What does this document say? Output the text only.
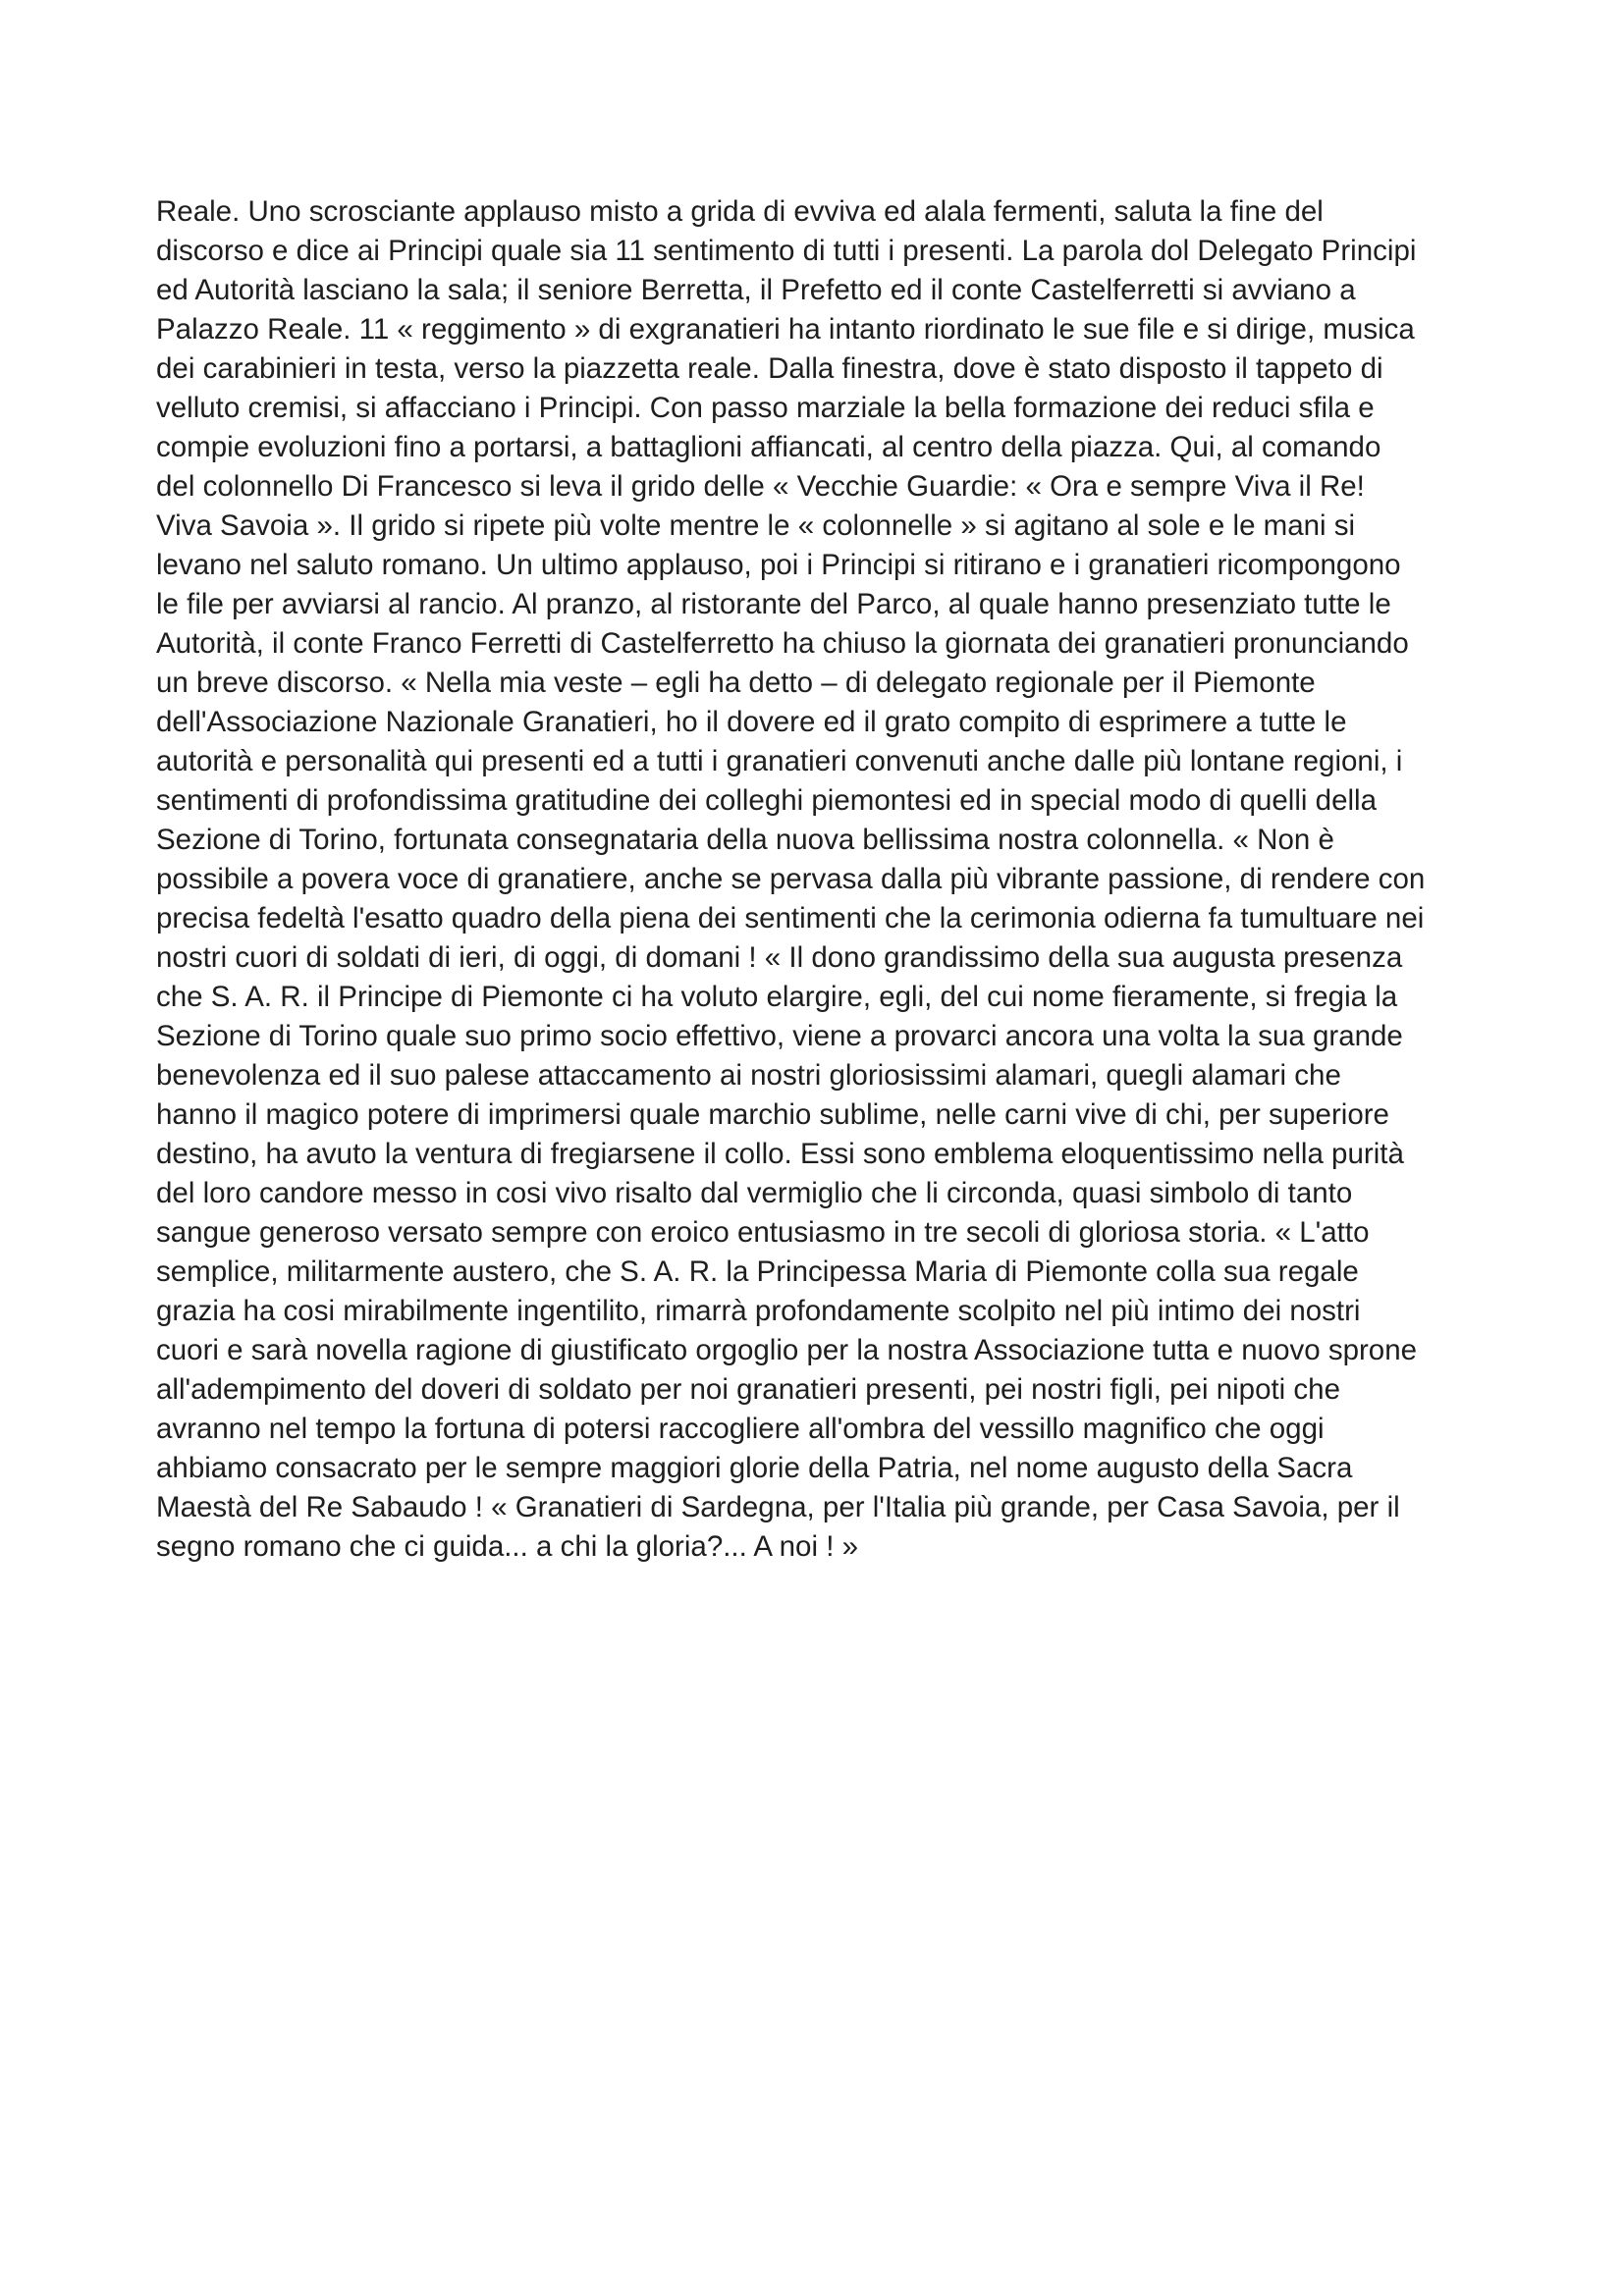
Reale. Uno scrosciante applauso misto a grida di evviva ed alala fermenti, saluta la fine del
discorso e dice ai Principi quale sia 11 sentimento di tutti i presenti. La parola dol Delegato Principi
ed Autorità lasciano la sala; il seniore Berretta, il Prefetto ed il conte Castelferretti si avviano a
Palazzo Reale. 11 « reggimento » di exgranatieri ha intanto riordinato le sue file e si dirige, musica
dei carabinieri in testa, verso la piazzetta reale. Dalla finestra, dove è stato disposto il tappeto di
velluto cremisi, si affacciano i Principi. Con passo marziale la bella formazione dei reduci sfila e
compie evoluzioni fino a portarsi, a battaglioni affiancati, al centro della piazza. Qui, al comando
del colonnello Di Francesco si leva il grido delle « Vecchie Guardie: « Ora e sempre Viva il Re!
Viva Savoia ». Il grido si ripete più volte mentre le « colonnelle » si agitano al sole e le mani si
levano nel saluto romano. Un ultimo applauso, poi i Principi si ritirano e i granatieri ricompongono
le file per avviarsi al rancio. Al pranzo, al ristorante del Parco, al quale hanno presenziato tutte le
Autorità, il conte Franco Ferretti di Castelferretto ha chiuso la giornata dei granatieri pronunciando
un breve discorso. « Nella mia veste – egli ha detto – di delegato regionale per il Piemonte
dell'Associazione Nazionale Granatieri, ho il dovere ed il grato compito di esprimere a tutte le
autorità e personalità qui presenti ed a tutti i granatieri convenuti anche dalle più lontane regioni, i
sentimenti di profondissima gratitudine dei colleghi piemontesi ed in special modo di quelli della
Sezione di Torino, fortunata consegnataria della nuova bellissima nostra colonnella. « Non è
possibile a povera voce di granatiere, anche se pervasa dalla più vibrante passione, di rendere con
precisa fedeltà l'esatto quadro della piena dei sentimenti che la cerimonia odierna fa tumultuare nei
nostri cuori di soldati di ieri, di oggi, di domani ! « Il dono grandissimo della sua augusta presenza
che S. A. R. il Principe di Piemonte ci ha voluto elargire, egli, del cui nome fieramente, si fregia la
Sezione di Torino quale suo primo socio effettivo, viene a provarci ancora una volta la sua grande
benevolenza ed il suo palese attaccamento ai nostri gloriosissimi alamari, quegli alamari che
hanno il magico potere di imprimersi quale marchio sublime, nelle carni vive di chi, per superiore
destino, ha avuto la ventura di fregiarsene il collo. Essi sono emblema eloquentissimo nella purità
del loro candore messo in cosi vivo risalto dal vermiglio che li circonda, quasi simbolo di tanto
sangue generoso versato sempre con eroico entusiasmo in tre secoli di gloriosa storia. « L'atto
semplice, militarmente austero, che S. A. R. la Principessa Maria di Piemonte colla sua regale
grazia ha cosi mirabilmente ingentilito, rimarrà profondamente scolpito nel più intimo dei nostri
cuori e sarà novella ragione di giustificato orgoglio per la nostra Associazione tutta e nuovo sprone
all'adempimento del doveri di soldato per noi granatieri presenti, pei nostri figli, pei nipoti che
avranno nel tempo la fortuna di potersi raccogliere all'ombra del vessillo magnifico che oggi
ahbiamo consacrato per le sempre maggiori glorie della Patria, nel nome augusto della Sacra
Maestà del Re Sabaudo ! « Granatieri di Sardegna, per l'Italia più grande, per Casa Savoia, per il
segno romano che ci guida... a chi la gloria?... A noi ! »
